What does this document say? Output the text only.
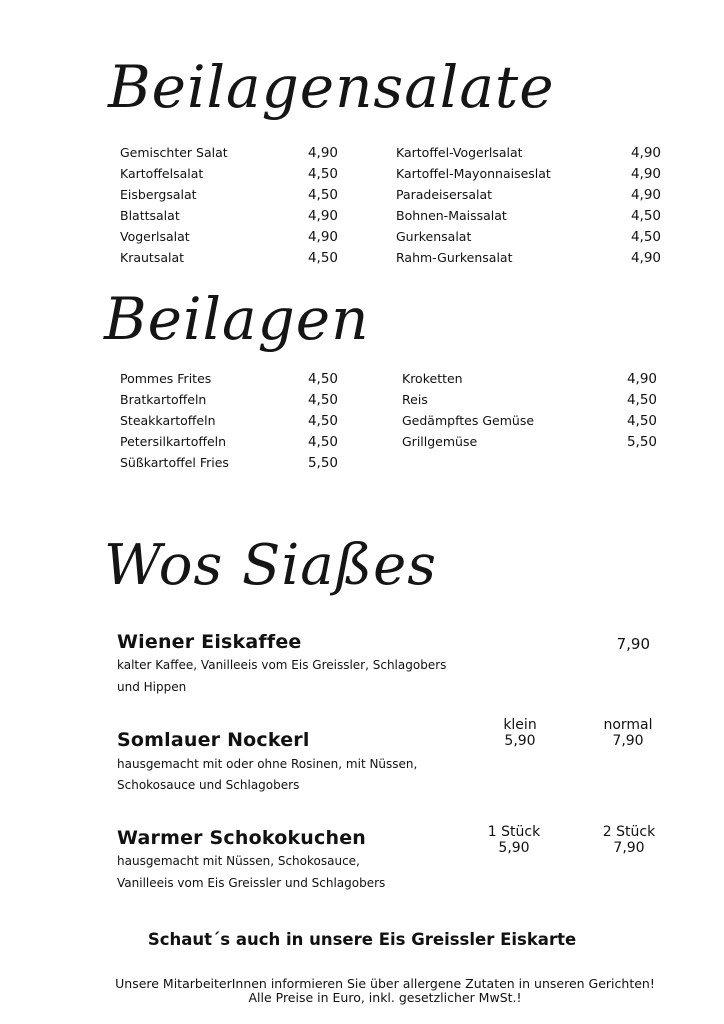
Beilagensalate
Gemischter Salat	4,90
Kartoffelsalat	4,50
Eisbergsalat	4,50
Blattsalat	4,90
Vogerlsalat	4,90
Krautsalat	4,50
Kartoffel-Vogerlsalat	4,90
Kartoffel-Mayonnaiseslat	4,90
Paradeisersalat	4,90
Bohnen-Maissalat	4,50
Gurkensalat	4,50
Rahm-Gurkensalat	4,90
Beilagen
Pommes Frites	4,50
Bratkartoffeln	4,50
Steakkartoffeln	4,50
Petersilkartoffeln	4,50
Süßkartoffel Fries	5,50
Kroketten	4,90
Reis	4,50
Gedämpftes Gemüse	4,50
Grillgemüse	5,50
Wos Siaßes
Wiener Eiskaffee
kalter Kaffee, Vanilleeis vom Eis Greissler, Schlagobers
und Hippen
7,90
Somlauer Nockerl
hausgemacht mit oder ohne Rosinen, mit Nüssen,
Schokosauce und Schlagobers
klein
5,90
normal
7,90
Warmer Schokokuchen
hausgemacht mit Nüssen, Schokosauce,
Vanilleeis vom Eis Greissler und Schlagobers
1 Stück
5,90
2 Stück
7,90
Schaut´s auch in unsere Eis Greissler Eiskarte
Unsere MitarbeiterInnen informieren Sie über allergene Zutaten in unseren Gerichten!
Alle Preise in Euro, inkl. gesetzlicher MwSt.!
